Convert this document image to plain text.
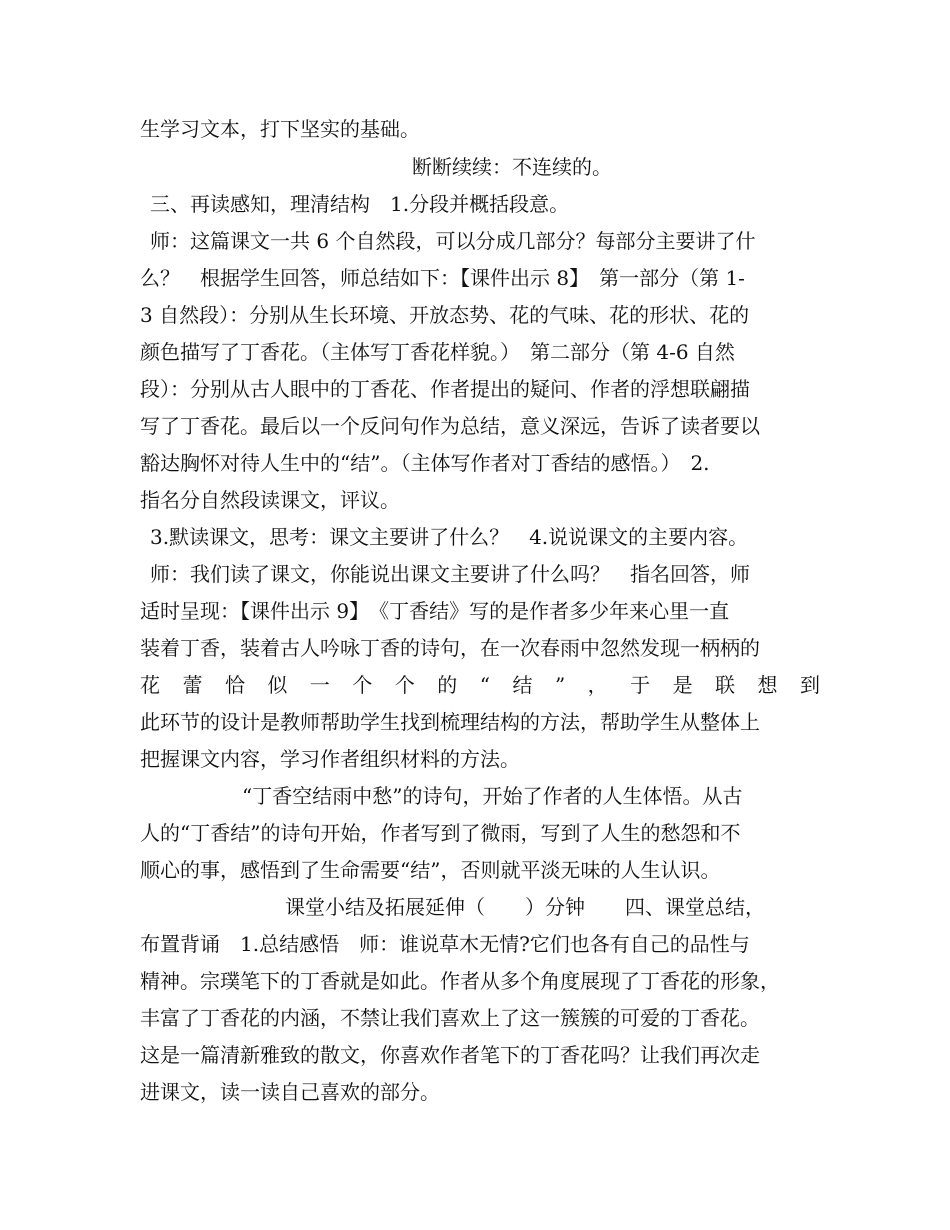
生学习文本，打下坚实的基础。
断断续续：不连续的。
三、再读感知，理清结构　1.分段并概括段意。
师：这篇课文一共 6 个自然段，可以分成几部分？每部分主要讲了什
么？　根据学生回答，师总结如下：【课件出示 8】　第一部分（第 1-
3 自然段）：分别从生长环境、开放态势、花的气味、花的形状、花的
颜色描写了丁香花。（主体写丁香花样貌。）　第二部分（第 4-6 自然
段）：分别从古人眼中的丁香花、作者提出的疑问、作者的浮想联翩描
写了丁香花。最后以一个反问句作为总结，意义深远，告诉了读者要以
豁达胸怀对待人生中的“结”。（主体写作者对丁香结的感悟。）　2.
指名分自然段读课文，评议。
3.默读课文，思考：课文主要讲了什么？　4.说说课文的主要内容。
师：我们读了课文，你能说出课文主要讲了什么吗？　指名回答，师
适时呈现：【课件出示 9】　《丁香结》写的是作者多少年来心里一直
装着丁香，装着古人吟咏丁香的诗句，在一次春雨中忽然发现一柄柄的
花蕾恰似一个个的“结”，于是联想到
此环节的设计是教师帮助学生找到梳理结构的方法，帮助学生从整体上
把握课文内容，学习作者组织材料的方法。
“丁香空结雨中愁”的诗句，开始了作者的人生体悟。从古
人的“丁香结”的诗句开始，作者写到了微雨，写到了人生的愁怨和不
顺心的事，感悟到了生命需要“结”，否则就平淡无味的人生认识。
课堂小结及拓展延伸（　　）分钟　　四、课堂总结，
布置背诵　1.总结感悟　师：谁说草木无情?它们也各有自己的品性与
精神。宗璞笔下的丁香就是如此。作者从多个角度展现了丁香花的形象，
丰富了丁香花的内涵，不禁让我们喜欢上了这一簇簇的可爱的丁香花。
这是一篇清新雅致的散文，你喜欢作者笔下的丁香花吗？让我们再次走
进课文，读一读自己喜欢的部分。
